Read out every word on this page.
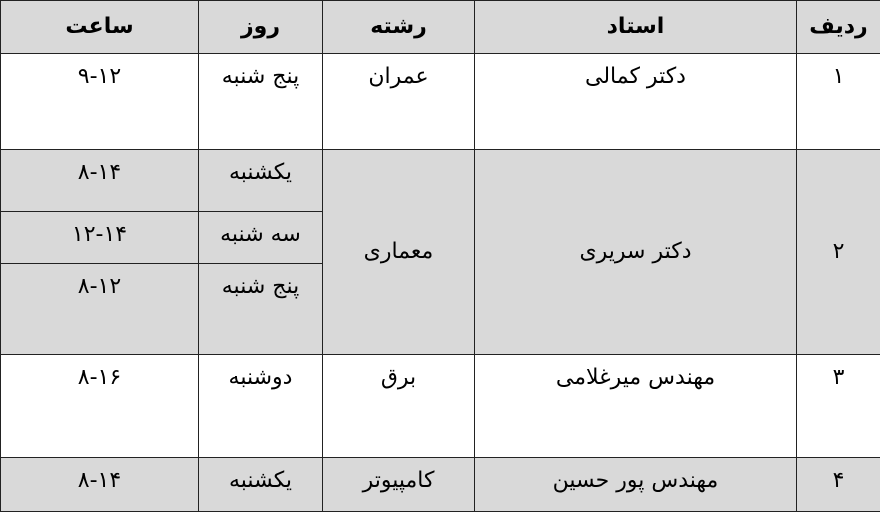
ردیف	استاد	رشته	روز	ساعت
۱	دکتر کمالی	عمران	پنج شنبه	۹-۱۲
۲	دکتر سریری	معماری	یکشنبه	۸-۱۴
			سه شنبه	۱۲-۱۴
			پنج شنبه	۸-۱۲
۳	مهندس میرغلامی	برق	دوشنبه	۸-۱۶
۴	مهندس پور حسین	کامپیوتر	یکشنبه	۸-۱۴
